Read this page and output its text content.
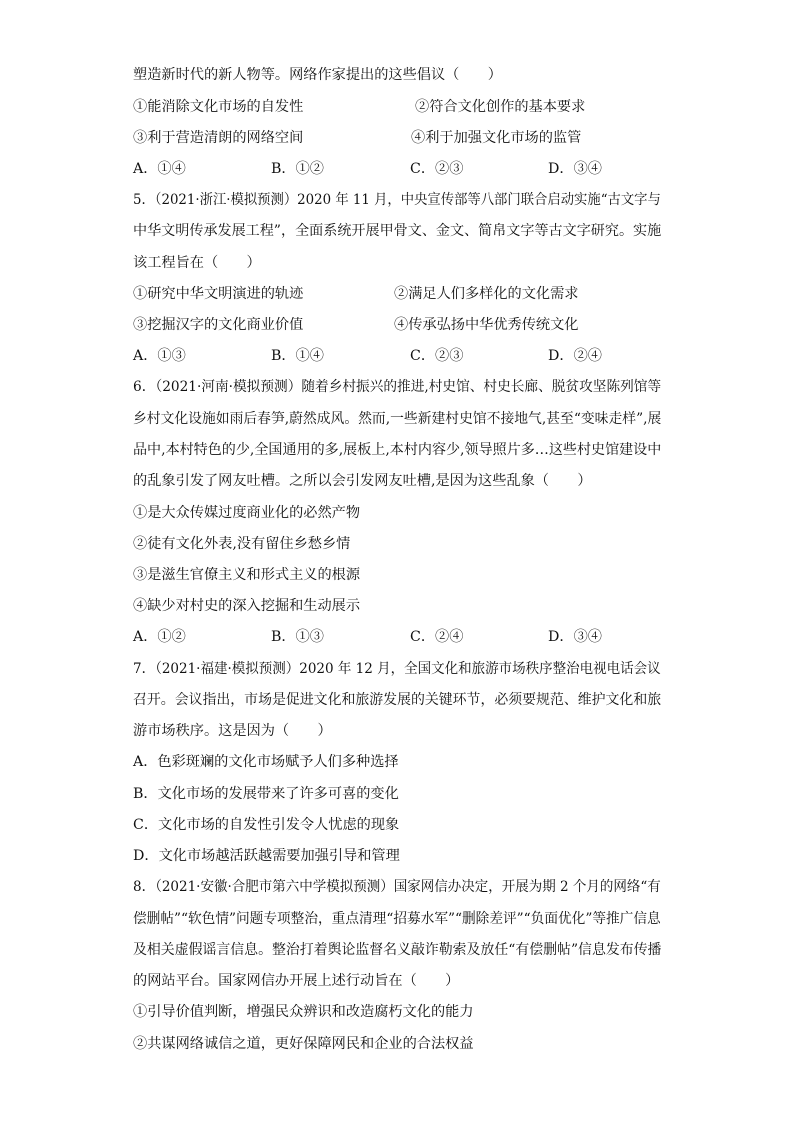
塑造新时代的新人物等。网络作家提出的这些倡议（　　）
①能消除文化市场的自发性	②符合文化创作的基本要求
③利于营造清朗的网络空间	④利于加强文化市场的监管
A．①④	B．①②	C．②③	D．③④
5．（2021·浙江·模拟预测）2020 年 11 月，中央宣传部等八部门联合启动实施“古文字与
中华文明传承发展工程”，全面系统开展甲骨文、金文、简帛文字等古文字研究。实施
该工程旨在（　　）
①研究中华文明演进的轨迹	②满足人们多样化的文化需求
③挖掘汉字的文化商业价值	④传承弘扬中华优秀传统文化
A．①③	B．①④	C．②③	D．②④
6．（2021·河南·模拟预测）随着乡村振兴的推进,村史馆、村史长廊、脱贫攻坚陈列馆等
乡村文化设施如雨后春笋,蔚然成风。然而,一些新建村史馆不接地气,甚至“变味走样”,展
品中,本村特色的少,全国通用的多,展板上,本村内容少,领导照片多…这些村史馆建设中
的乱象引发了网友吐槽。之所以会引发网友吐槽,是因为这些乱象（　　）
①是大众传媒过度商业化的必然产物
②徒有文化外表,没有留住乡愁乡情
③是滋生官僚主义和形式主义的根源
④缺少对村史的深入挖掘和生动展示
A．①②	B．①③	C．②④	D．③④
7．（2021·福建·模拟预测）2020 年 12 月，全国文化和旅游市场秩序整治电视电话会议
召开。会议指出，市场是促进文化和旅游发展的关键环节，必须要规范、维护文化和旅
游市场秩序。这是因为（　　）
A．色彩斑斓的文化市场赋予人们多种选择
B．文化市场的发展带来了许多可喜的变化
C．文化市场的自发性引发令人忧虑的现象
D．文化市场越活跃越需要加强引导和管理
8．（2021·安徽·合肥市第六中学模拟预测）国家网信办决定，开展为期 2 个月的网络“有
偿删帖”“软色情”问题专项整治，重点清理“招募水军”“删除差评”“负面优化”等推广信息
及相关虚假谣言信息。整治打着舆论监督名义敲诈勒索及放任“有偿删帖”信息发布传播
的网站平台。国家网信办开展上述行动旨在（　　）
①引导价值判断，增强民众辨识和改造腐朽文化的能力
②共谋网络诚信之道，更好保障网民和企业的合法权益
